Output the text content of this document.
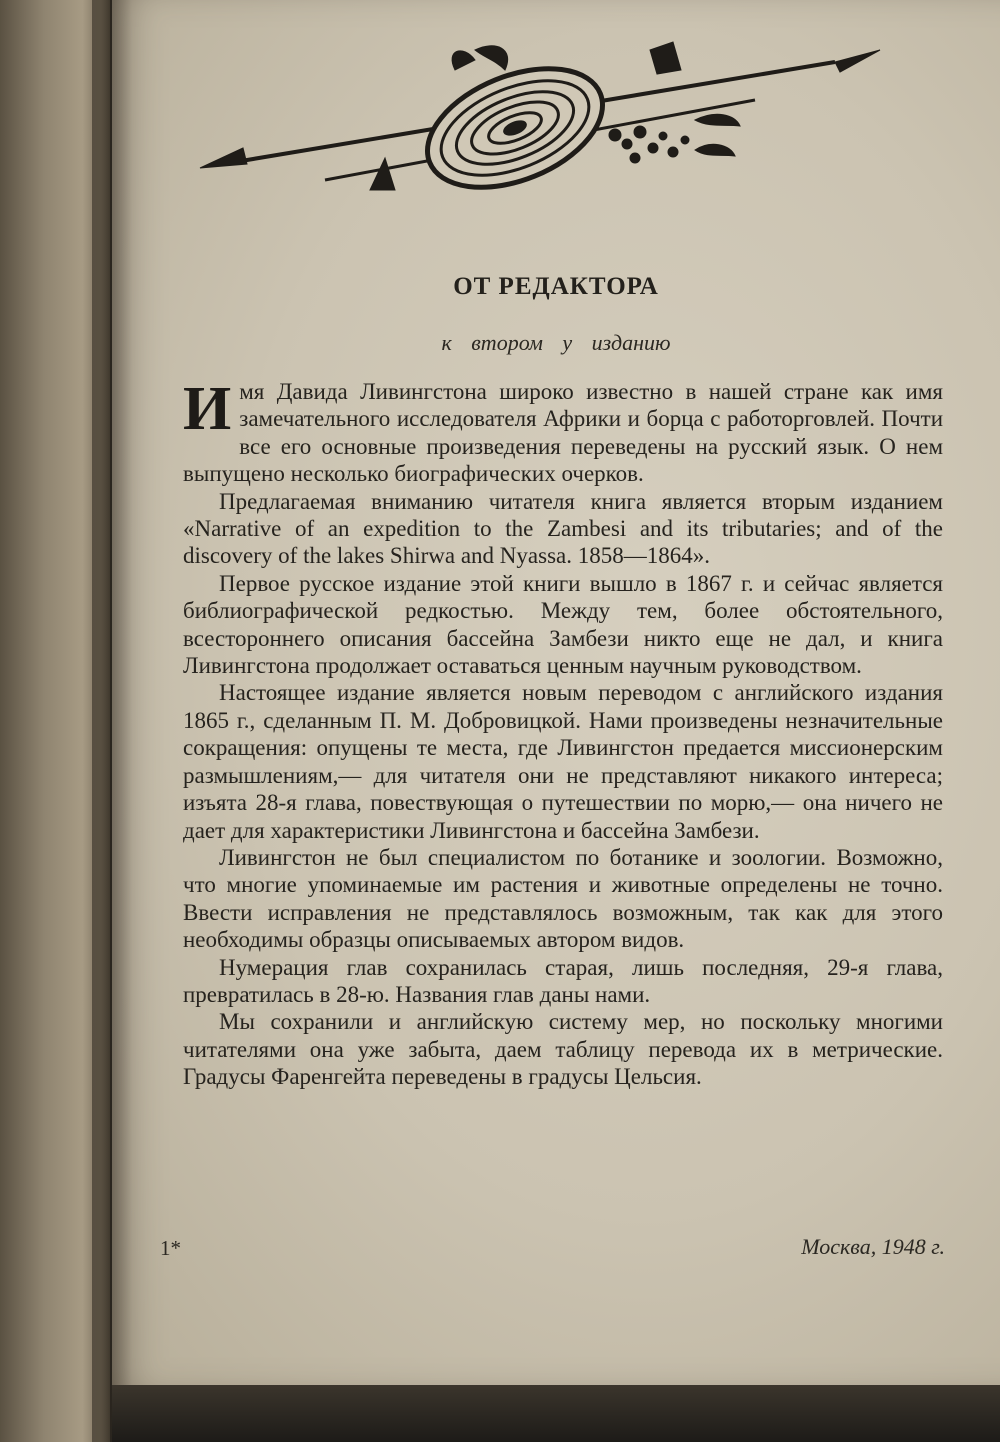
ОТ РЕДАКТОРА
к втором у изданию

Имя Давида Ливингстона широко известно в нашей стране как имя замечательного исследователя Африки и борца с работорговлей. Почти все его основные произведения переведены на русский язык. О нем выпущено несколько биографических очерков.

Предлагаемая вниманию читателя книга является вторым изданием «Narrative of an expedition to the Zambesi and its tributaries; and of the discovery of the lakes Shirwa and Nyassa. 1858—1864».

Первое русское издание этой книги вышло в 1867 г. и сейчас является библиографической редкостью. Между тем, более обстоятельного, всестороннего описания бассейна Замбези никто еще не дал, и книга Ливингстона продолжает оставаться ценным научным руководством.

Настоящее издание является новым переводом с английского издания 1865 г., сделанным П. М. Добровицкой. Нами произведены незначительные сокращения: опущены те места, где Ливингстон предается миссионерским размышлениям,— для читателя они не представляют никакого интереса; изъята 28-я глава, повествующая о путешествии по морю,— она ничего не дает для характеристики Ливингстона и бассейна Замбези.

Ливингстон не был специалистом по ботанике и зоологии. Возможно, что многие упоминаемые им растения и животные определены не точно. Ввести исправления не представлялось возможным, так как для этого необходимы образцы описываемых автором видов.

Нумерация глав сохранилась старая, лишь последняя, 29-я глава, превратилась в 28-ю. Названия глав даны нами.

Мы сохранили и английскую систему мер, но поскольку многими читателями она уже забыта, даем таблицу перевода их в метрические. Градусы Фаренгейта переведены в градусы Цельсия.

1*	Москва, 1948 г.
